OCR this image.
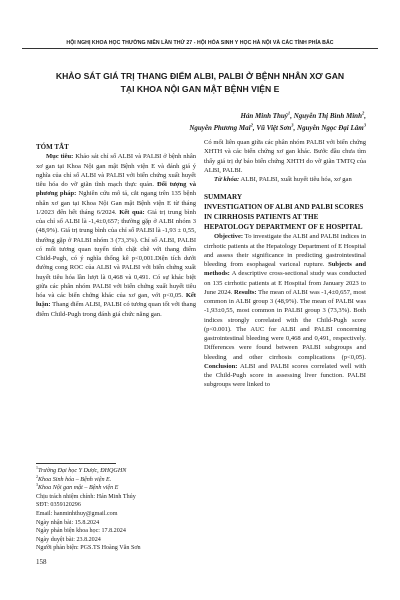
HỘI NGHỊ KHOA HỌC THƯỜNG NIÊN LẦN THỨ 27 - HỘI HÓA SINH Y HỌC HÀ NỘI VÀ CÁC TỈNH PHÍA BẮC
KHẢO SÁT GIÁ TRỊ THANG ĐIỂM ALBI, PALBI Ở BỆNH NHÂN XƠ GAN
TẠI KHOA NỘI GAN MẬT BỆNH VIỆN E
Hán Minh Thuý$^1$, Nguyễn Thị Bình Minh$^2$,
Nguyễn Phương Mai$^2$, Vũ Việt Sơn$^3$, Nguyễn Ngọc Đại Lâm$^3$

TÓM TẮT

Mục tiêu: Khảo sát chỉ số ALBI và PALBI ở bệnh nhân xơ gan tại Khoa Nội gan mật Bệnh viện E và đánh giá ý nghĩa của chỉ số ALBI và PALBI với biến chứng xuất huyết tiêu hóa do vỡ giãn tĩnh mạch thực quản. Đối tượng và phương pháp: Nghiên cứu mô tả, cắt ngang trên 135 bệnh nhân xơ gan tại Khoa Nội Gan mật Bệnh viện E từ tháng 1/2023 đến hết tháng 6/2024. Kết quả: Giá trị trung bình của chỉ số ALBI là -1,4±0,657; thường gặp ở ALBI nhóm 3 (48,9%). Giá trị trung bình của chỉ số PALBI là -1,93 ± 0,55, thường gặp ở PALBI nhóm 3 (73,3%). Chỉ số ALBI, PALBI có mối tương quan tuyến tính chặt chẽ với thang điểm Child-Pugh, có ý nghĩa thống kê p<0,001.Diện tích dưới đường cong ROC của ALBI và PALBI với biến chứng xuất huyết tiêu hóa lần lượt là 0,468 và 0,491. Có sự khác biệt giữa các phân nhóm PALBI với biến chứng xuất huyết tiêu hóa và các biến chứng khác của xơ gan, với p<0,05. Kết luận: Thang điểm ALBI, PALBI có tương quan tốt với thang điểm Child-Pugh trong đánh giá chức năng gan.

$^1$Trường Đại học Y Dược, ĐHQGHN
$^2$Khoa Sinh hóa – Bệnh viện E.
$^3$Khoa Nội gan mật – Bệnh viện E
Chịu trách nhiệm chính: Hán Minh Thúy
SĐT: 0359120296
Email: hanminhthuy@gmail.com
Ngày nhận bài: 15.8.2024
Ngày phản biện khoa học: 17.8.2024
Ngày duyệt bài: 23.8.2024
Người phản biện: PGS.TS Hoàng Văn Sơn

Có mối liên quan giữa các phân nhóm PALBI với biến chứng XHTH và các biến chứng xơ gan khác. Bước đầu chưa tìm thấy giá trị dự báo biến chứng XHTH do vỡ giãn TMTQ của ALBI, PALBI.

Từ khóa: ALBI, PALBI, xuất huyết tiêu hóa, xơ gan

SUMMARY

INVESTIGATION OF ALBI AND PALBI SCORES IN CIRRHOSIS PATIENTS AT THE HEPATOLOGY DEPARTMENT OF E HOSPITAL

Objective: To investigate the ALBI and PALBI indices in cirrhotic patients at the Hepatology Department of E Hospital and assess their significance in predicting gastrointestinal bleeding from esophageal variceal rupture. Subjects and methods: A descriptive cross-sectional study was conducted on 135 cirrhotic patients at E Hospital from January 2023 to June 2024. Results: The mean of ALBI was -1,4±0,657, most common in ALBI group 3 (48,9%). The mean of PALBI was -1,93±0,55, most common in PALBI group 3 (73,3%). Both indices strongly correlated with the Child-Pugh score (p<0.001). The AUC for ALBI and PALBI concerning gastrointestinal bleeding were 0,468 and 0,491, respectively. Differences were found between PALBI subgroups and bleeding and other cirrhosis complications (p<0,05). Conclusion: ALBI and PALBI scores correlated well with the Child-Pugh score in assessing liver function. PALBI subgroups were linked to

158
